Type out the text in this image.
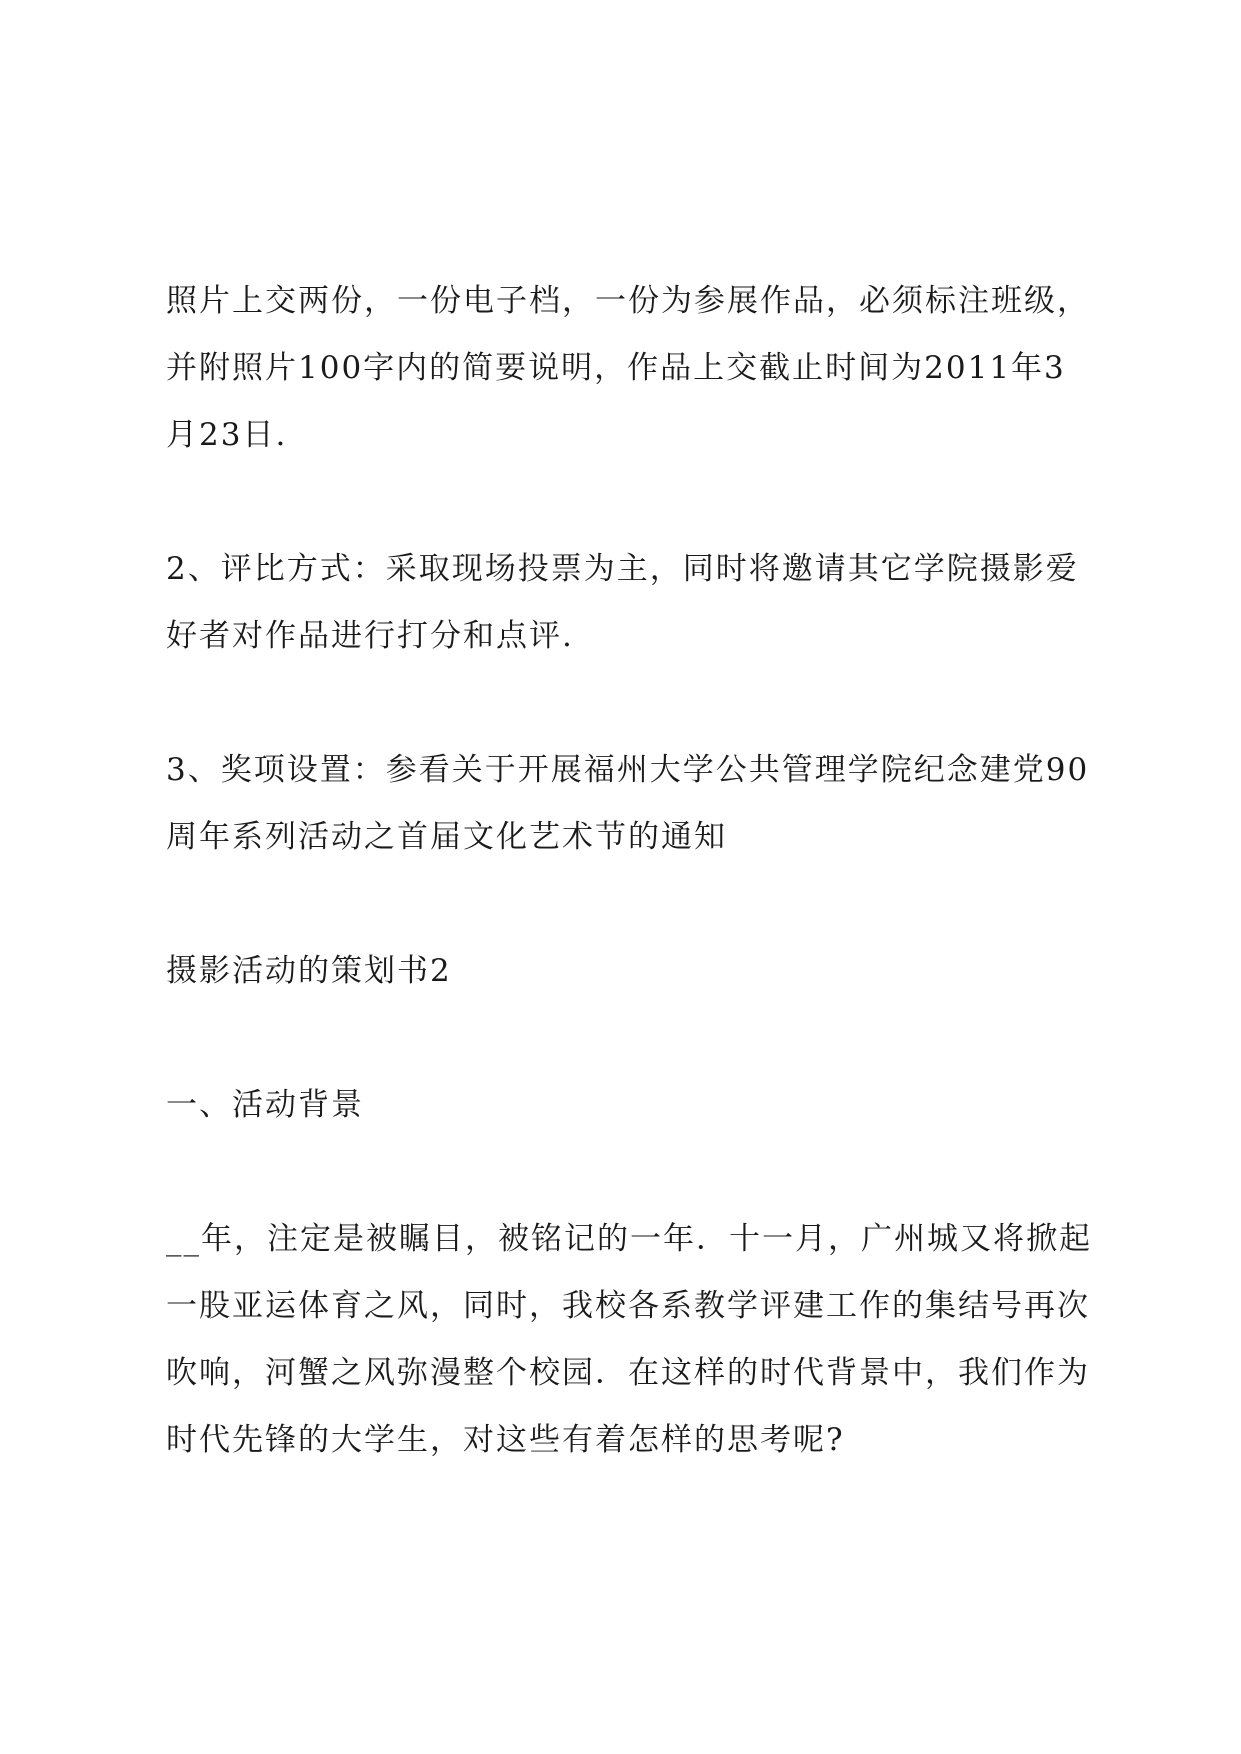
照片上交两份，一份电子档，一份为参展作品，必须标注班级，
并附照片100字内的简要说明，作品上交截止时间为2011年3
月23日.

2、评比方式：采取现场投票为主，同时将邀请其它学院摄影爱
好者对作品进行打分和点评.

3、奖项设置：参看关于开展福州大学公共管理学院纪念建党90
周年系列活动之首届文化艺术节的通知

摄影活动的策划书2

一、活动背景

__年，注定是被瞩目，被铭记的一年．十一月，广州城又将掀起
一股亚运体育之风，同时，我校各系教学评建工作的集结号再次
吹响，河蟹之风弥漫整个校园．在这样的时代背景中，我们作为
时代先锋的大学生，对这些有着怎样的思考呢?
